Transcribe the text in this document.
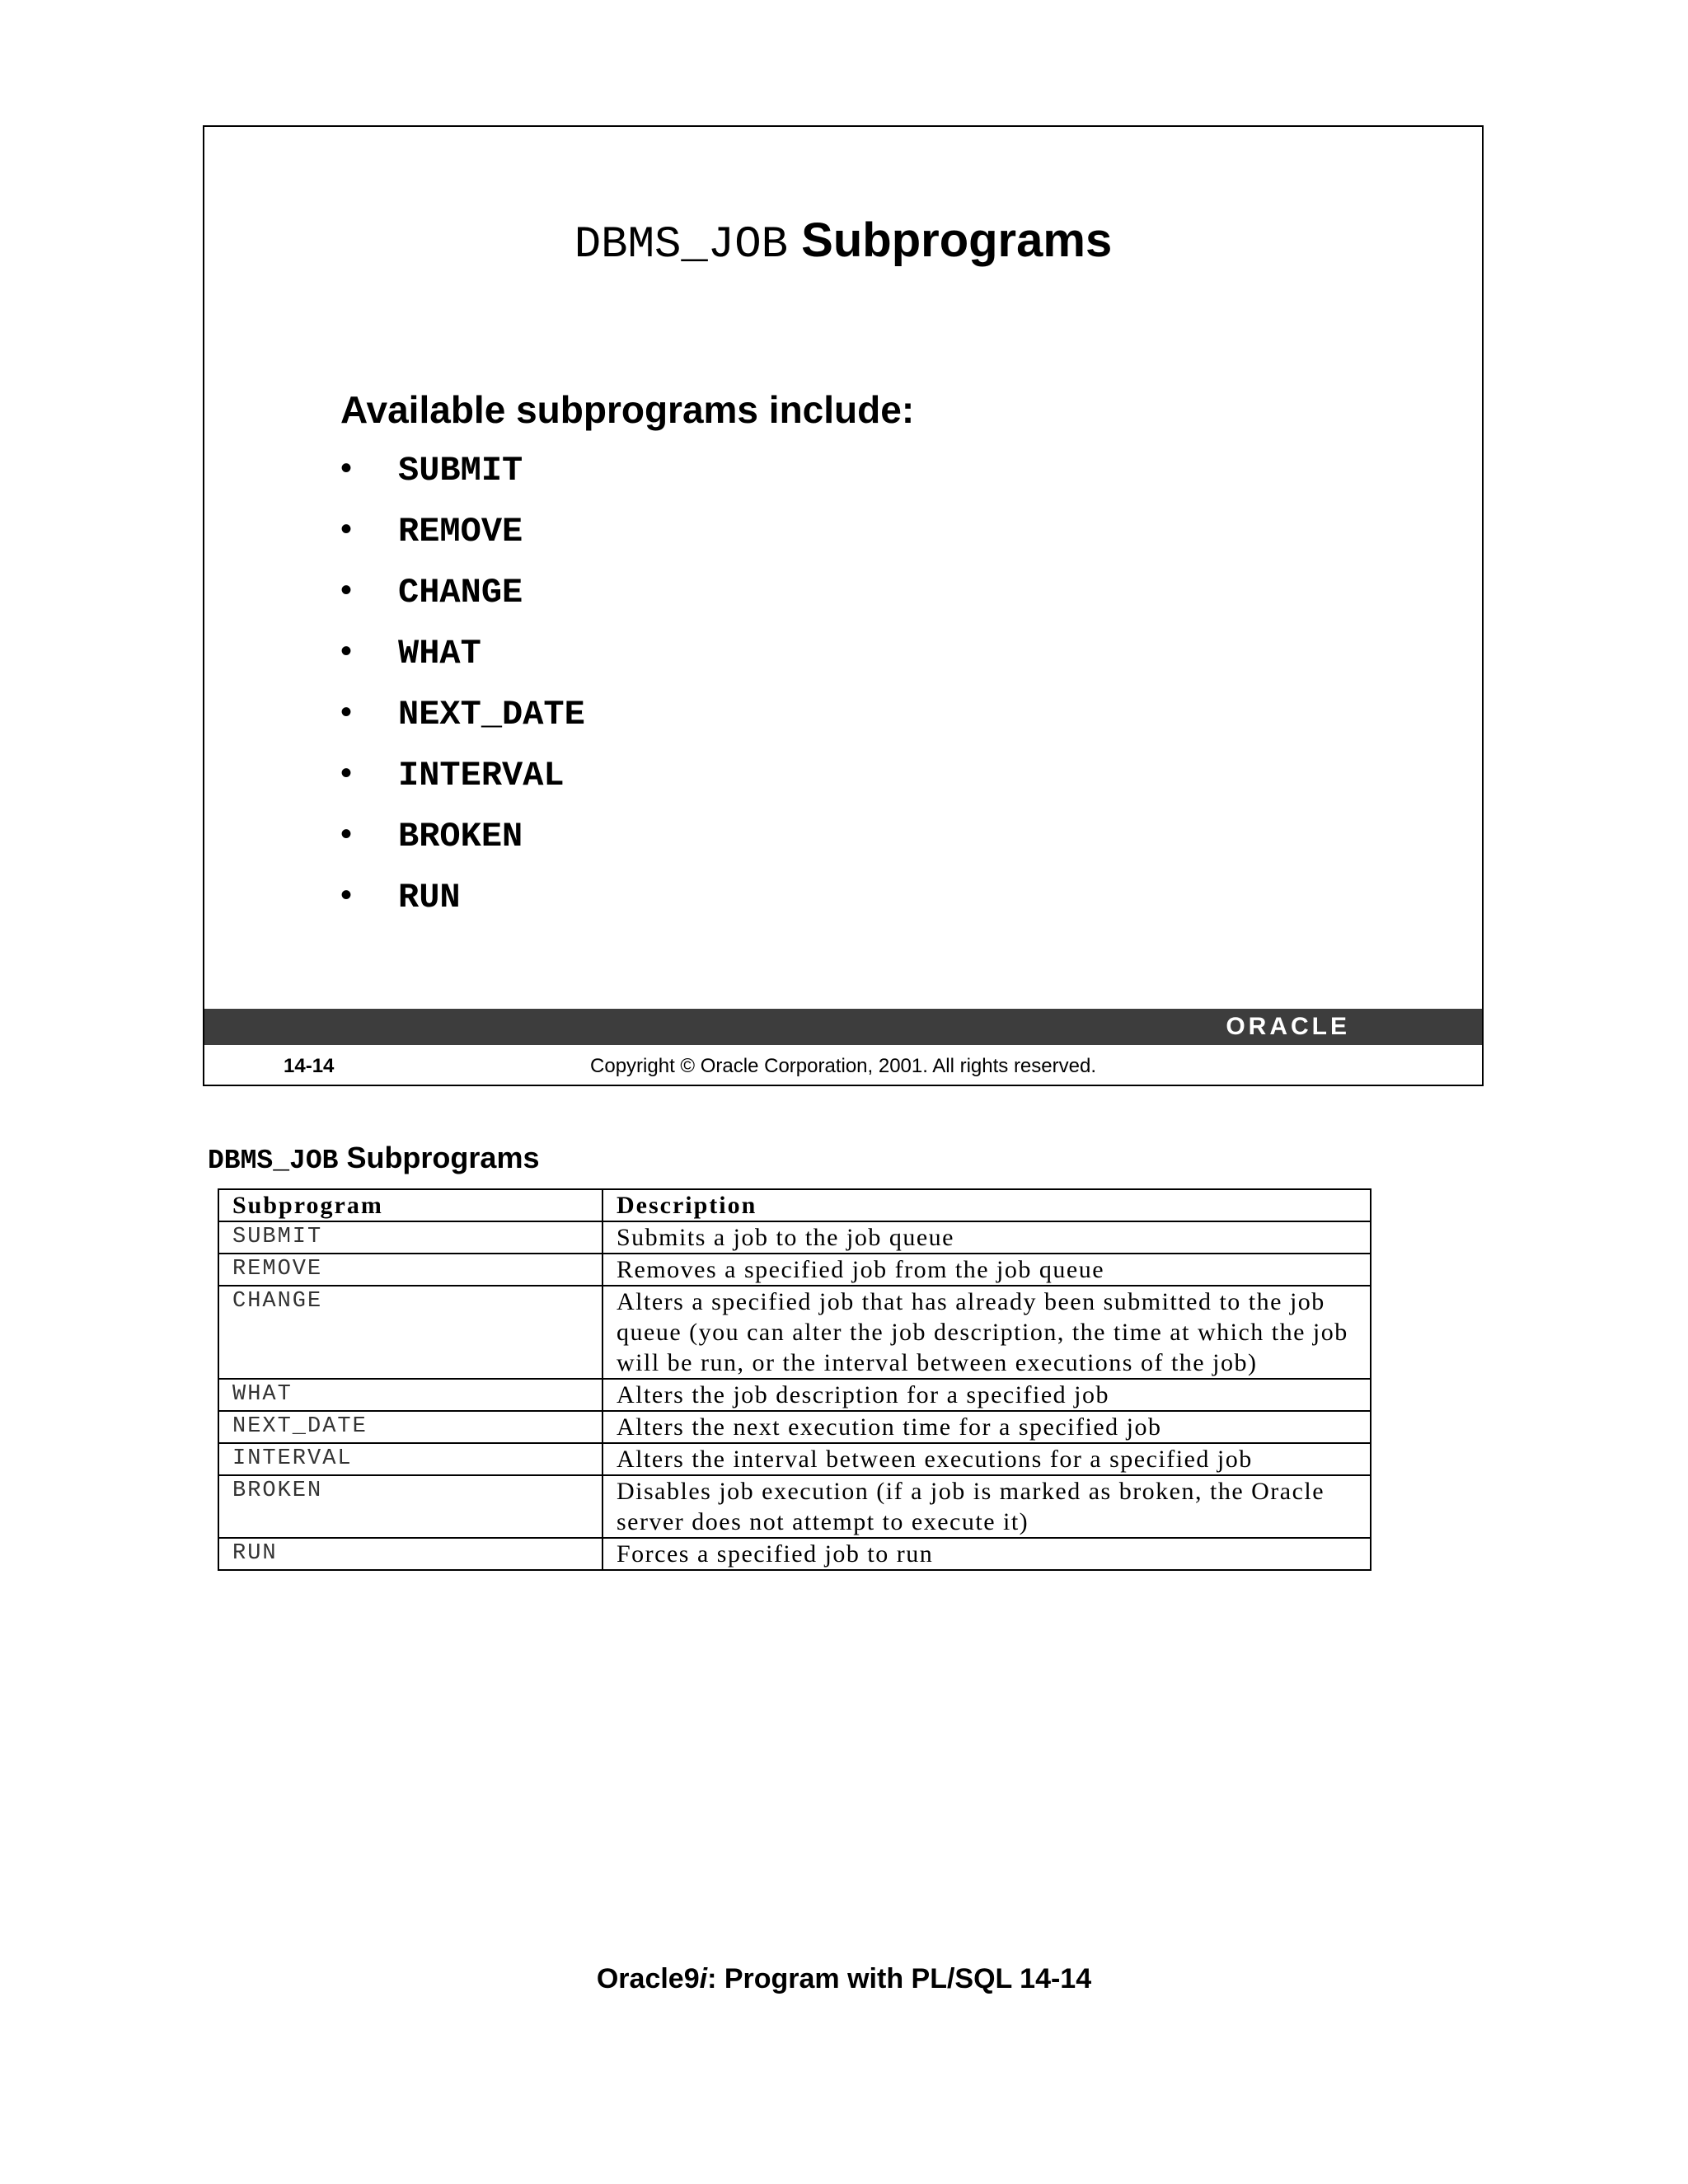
DBMS_JOB Subprograms
Available subprograms include:
•	SUBMIT
•	REMOVE
•	CHANGE
•	WHAT
•	NEXT_DATE
•	INTERVAL
•	BROKEN
•	RUN
ORACLE
14-14	Copyright © Oracle Corporation, 2001. All rights reserved.
DBMS_JOB Subprograms
Subprogram	Description
SUBMIT	Submits a job to the job queue
REMOVE	Removes a specified job from the job queue
CHANGE	Alters a specified job that has already been submitted to the job queue (you can alter the job description, the time at which the job will be run, or the interval between executions of the job)
WHAT	Alters the job description for a specified job
NEXT_DATE	Alters the next execution time for a specified job
INTERVAL	Alters the interval between executions for a specified job
BROKEN	Disables job execution (if a job is marked as broken, the Oracle server does not attempt to execute it)
RUN	Forces a specified job to run
Oracle9i: Program with PL/SQL 14-14
